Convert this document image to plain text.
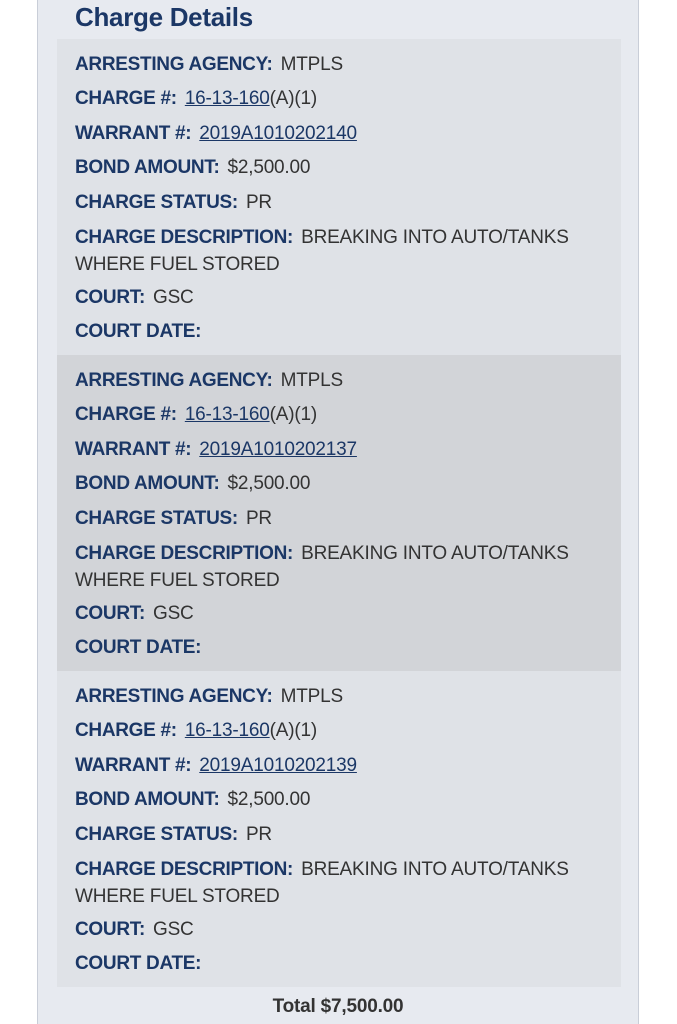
Charge Details
ARRESTING AGENCY: MTPLS
CHARGE #: 16-13-160(A)(1)
WARRANT #: 2019A1010202140
BOND AMOUNT: $2,500.00
CHARGE STATUS: PR
CHARGE DESCRIPTION: BREAKING INTO AUTO/TANKS WHERE FUEL STORED
COURT: GSC
COURT DATE:
ARRESTING AGENCY: MTPLS
CHARGE #: 16-13-160(A)(1)
WARRANT #: 2019A1010202137
BOND AMOUNT: $2,500.00
CHARGE STATUS: PR
CHARGE DESCRIPTION: BREAKING INTO AUTO/TANKS WHERE FUEL STORED
COURT: GSC
COURT DATE:
ARRESTING AGENCY: MTPLS
CHARGE #: 16-13-160(A)(1)
WARRANT #: 2019A1010202139
BOND AMOUNT: $2,500.00
CHARGE STATUS: PR
CHARGE DESCRIPTION: BREAKING INTO AUTO/TANKS WHERE FUEL STORED
COURT: GSC
COURT DATE:
Total $7,500.00
